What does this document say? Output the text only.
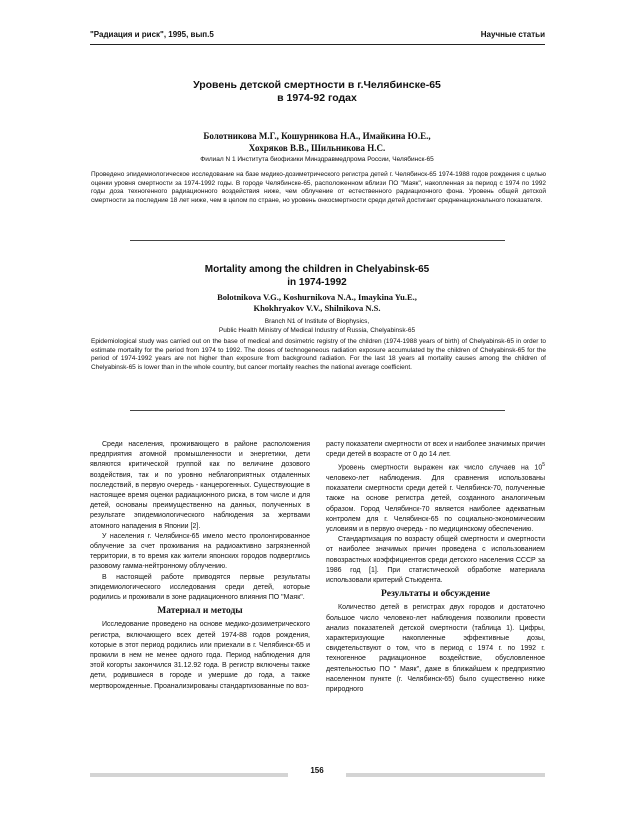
"Радиация и риск", 1995, вып.5	Научные статьи
Уровень детской смертности в г.Челябинске-65
в 1974-92 годах
Болотникова М.Г., Кошурникова Н.А., Имайкина Ю.Е.,
Хохряков В.В., Шильникова Н.С.
Филиал N 1 Института биофизики Минздравмедпрома России, Челябинск-65
Проведено эпидемиологическое исследование на базе медико-дозиметрического регистра детей г. Челябинск-65 1974-1988 годов рождения с целью оценки уровня смертности за 1974-1992 годы. В городе Челябинске-65, расположенном вблизи ПО "Маяк", накопленная за период с 1974 по 1992 годы доза техногенного радиационного воздействия ниже, чем облучение от естественного радиационного фона. Уровень общей детской смертности за последние 18 лет ниже, чем в целом по стране, но уровень онкосмертности среди детей достигает средненационального показателя.
Mortality among the children in Chelyabinsk-65
in 1974-1992
Bolotnikova V.G., Koshurnikova N.A., Imaykina Yu.E.,
Khokhryakov V.V., Shilnikova N.S.
Branch N1 of Institute of Biophysics,
Public Health Ministry of Medical Industry of Russia, Chelyabinsk-65
Epidemiological study was carried out on the base of medical and dosimetric registry of the children (1974-1988 years of birth) of Chelyabinsk-65 in order to estimate mortality for the period from 1974 to 1992. The doses of technogeneous radiation exposure accumulated by the children of Chelyabinsk-65 for the period of 1974-1992 years are not higher than exposure from background radiation. For the last 18 years all mortality causes among the children of Chelyabinsk-65 is lower than in the whole country, but cancer mortality reaches the national average coefficient.

Среди населения, проживающего в районе расположения предприятия атомной промышленности и энергетики, дети являются критической группой как по величине дозового воздействия, так и по уровню неблагоприятных отдаленных последствий, в первую очередь - канцерогенных. Существующие в настоящее время оценки радиационного риска, в том числе и для детей, основаны преимущественно на данных, полученных в результате эпидемиологического наблюдения за жертвами атомного нападения в Японии [2].

У населения г. Челябинск-65 имело место пролонгированное облучение за счет проживания на радиоактивно загрязненной территории, в то время как жители японских городов подверглись разовому гамма-нейтронному облучению.

В настоящей работе приводятся первые результаты эпидемиологического исследования среди детей, которые родились и проживали в зоне радиационного влияния ПО "Маяк".

Материал и методы

Исследование проведено на основе медико-дозиметрического регистра, включающего всех детей 1974-88 годов рождения, которые в этот период родились или приехали в г. Челябинск-65 и прожили в нем не менее одного года. Период наблюдения для этой когорты закончился 31.12.92 года. В регистр включены также дети, родившиеся в городе и умершие до года, а также мертворожденные. Проанализированы стандартизованные по воз-

расту показатели смертности от всех и наиболее значимых причин среди детей в возрасте от 0 до 14 лет.

Уровень смертности выражен как число случаев на $10^5$ человеко-лет наблюдения. Для сравнения использованы показатели смертности среди детей г. Челябинск-70, полученные также на основе регистра детей, созданного аналогичным образом. Город Челябинск-70 является наиболее адекватным контролем для г. Челябинск-65 по социально-экономическим условиям и в первую очередь - по медицинскому обеспечению.

Стандартизация по возрасту общей смертности и смертности от наиболее значимых причин проведена с использованием повозрастных коэффициентов среди детского населения СССР за 1986 год [1]. При статистической обработке материала использовали критерий Стьюдента.

Результаты и обсуждение

Количество детей в регистрах двух городов и достаточно большое число человеко-лет наблюдения позволили провести анализ показателей детской смертности (таблица 1). Цифры, характеризующие накопленные эффективные дозы, свидетельствуют о том, что в период с 1974 г. по 1992 г. техногенное радиационное воздействие, обусловленное деятельностью ПО " Маяк", даже в ближайшем к предприятию населенном пункте (г. Челябинск-65) было существенно ниже природного

156
